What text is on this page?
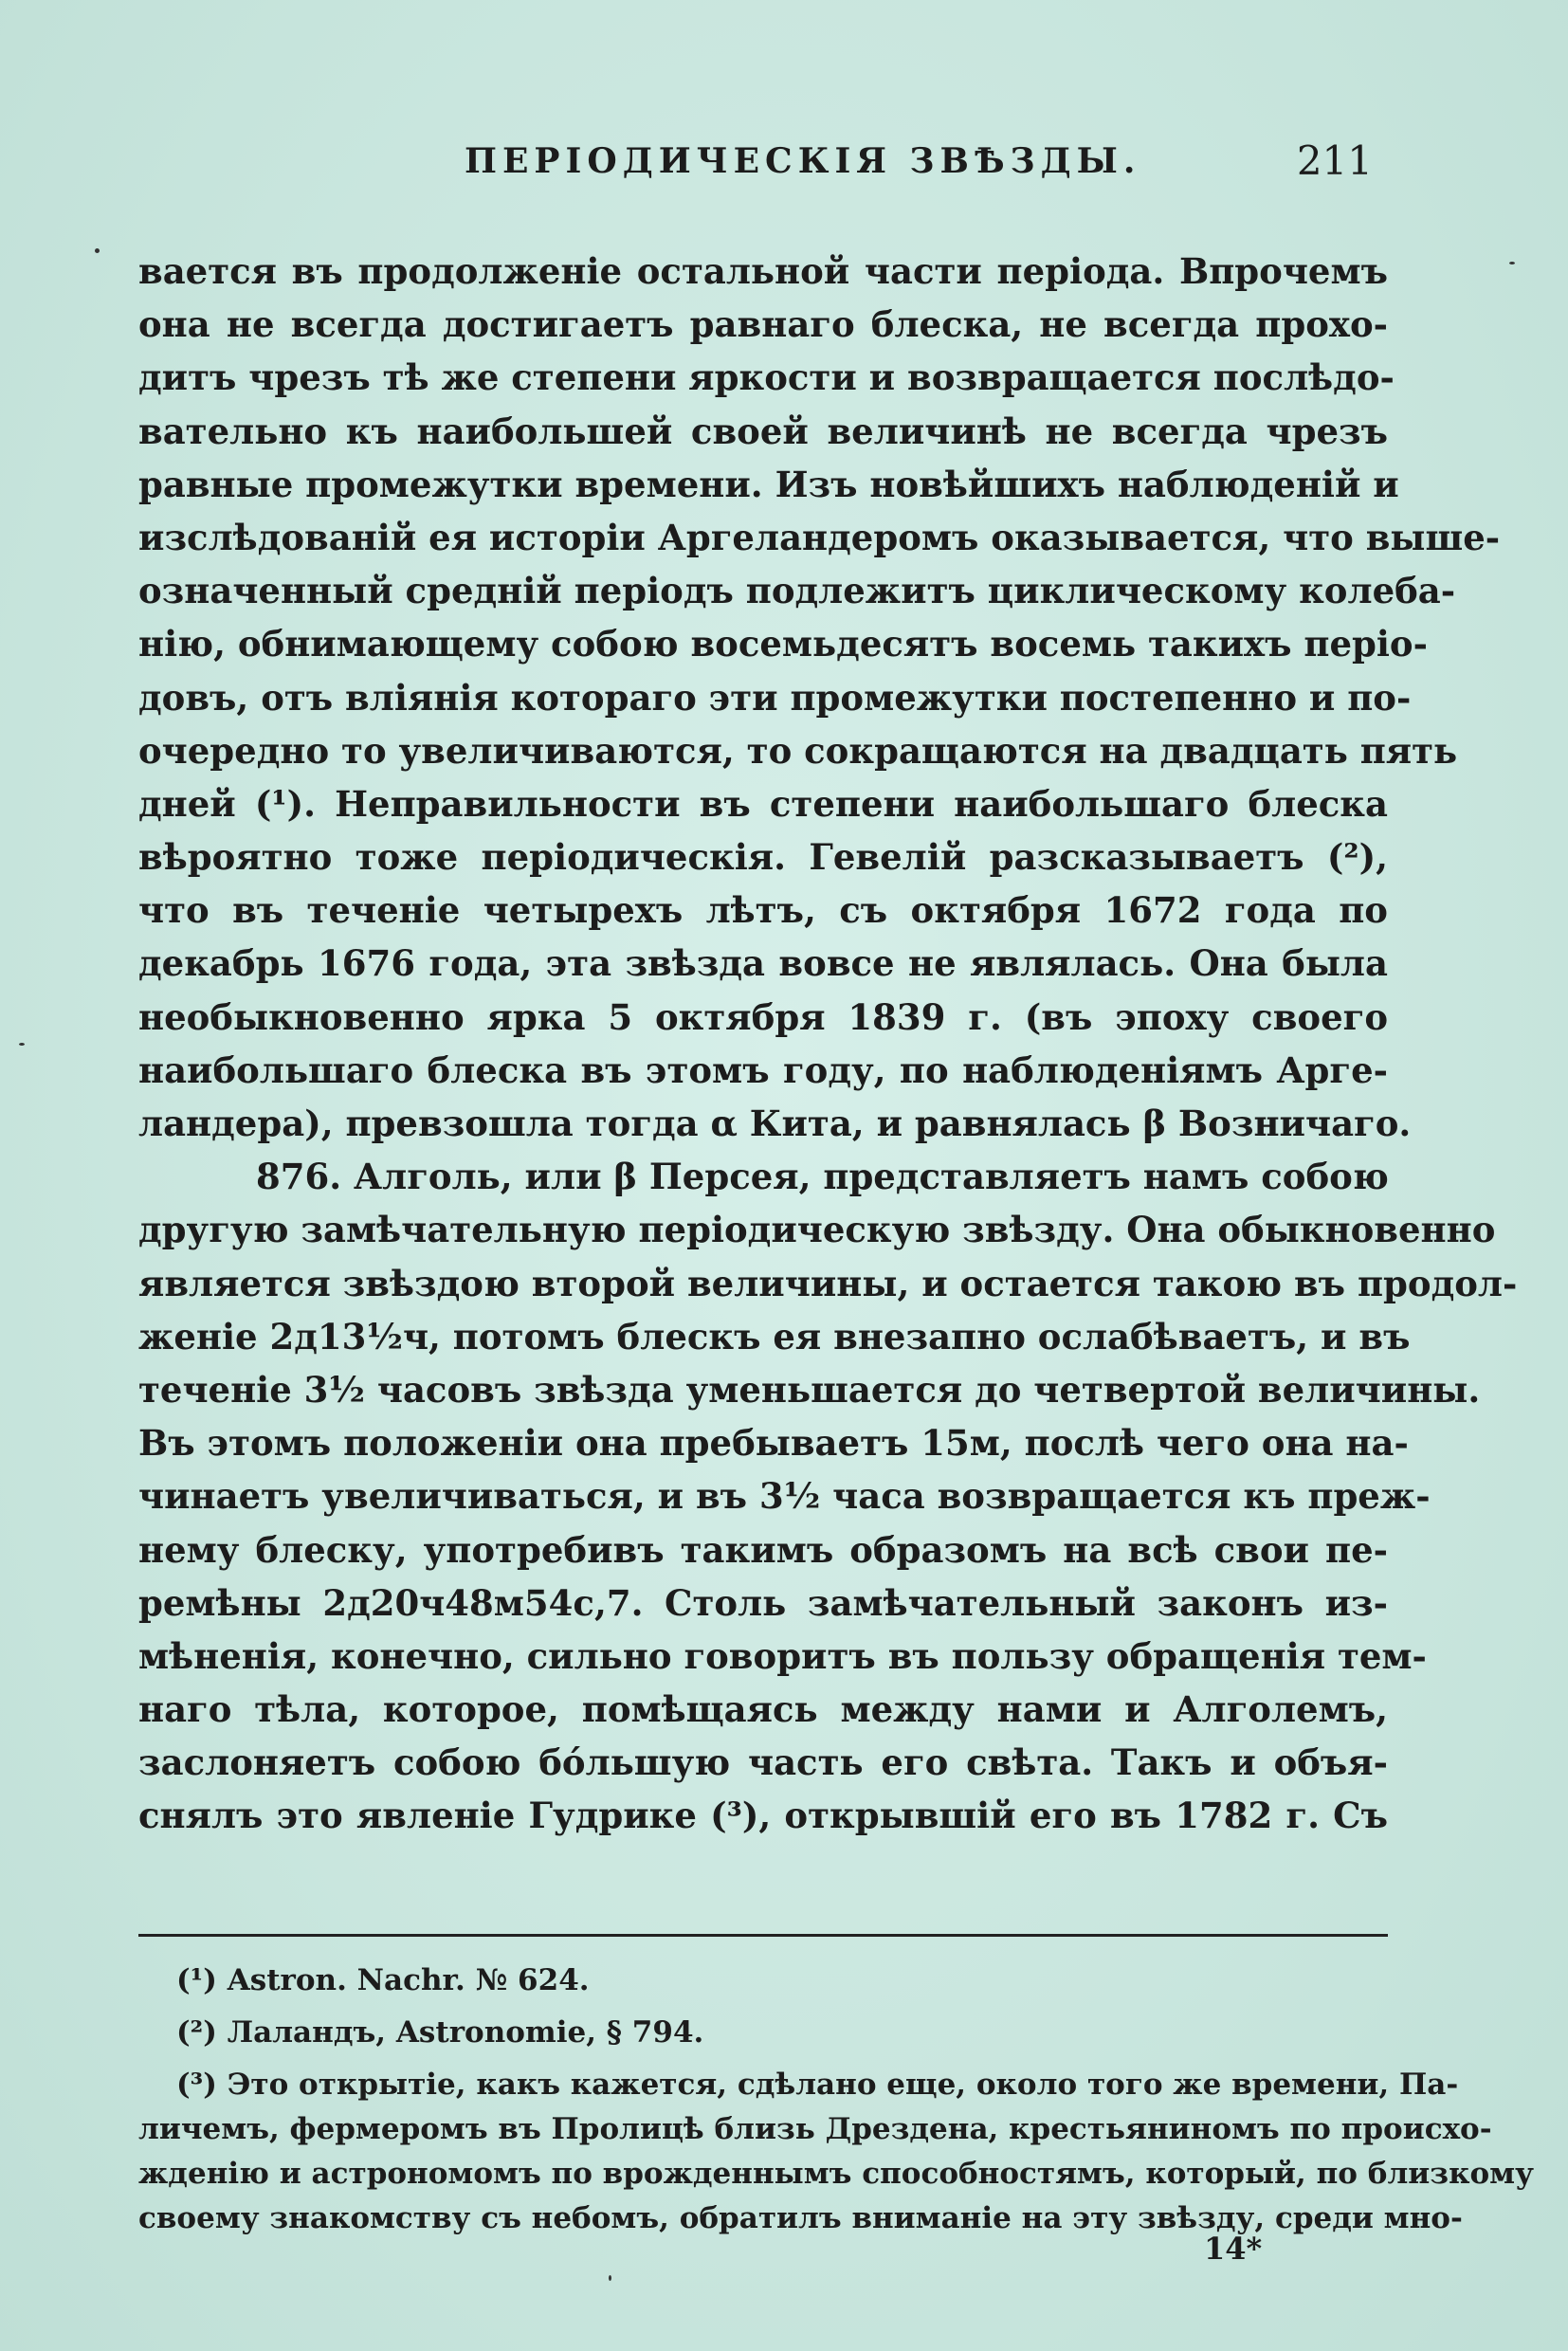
ПЕРІОДИЧЕСКІЯ ЗВѢЗДЫ.	211
вается въ продолженіе остальной части періода. Впрочемъ
она не всегда достигаетъ равнаго блеска, не всегда прохо-
дитъ чрезъ тѣ же степени яркости и возвращается послѣдо-
вательно къ наибольшей своей величинѣ не всегда чрезъ
равные промежутки времени. Изъ новѣйшихъ наблюденій и
изслѣдованій ея исторіи Аргеландеромъ оказывается, что выше-
означенный средній періодъ подлежитъ циклическому колеба-
нію, обнимающему собою восемьдесятъ восемь такихъ періо-
довъ, отъ вліянія котораго эти промежутки постепенно и по-
очередно то увеличиваются, то сокращаются на двадцать пять
дней (¹). Неправильности въ степени наибольшаго блеска
вѣроятно тоже періодическія. Гевелій разсказываетъ (²),
что въ теченіе четырехъ лѣтъ, съ октября 1672 года по
декабрь 1676 года, эта звѣзда вовсе не являлась. Она была
необыкновенно ярка 5 октября 1839 г. (въ эпоху своего
наибольшаго блеска въ этомъ году, по наблюденіямъ Арге-
ландера), превзошла тогда α Кита, и равнялась β Возничаго.
876. Алголь, или β Персея, представляетъ намъ собою
другую замѣчательную періодическую звѣзду. Она обыкновенно
является звѣздою второй величины, и остается такою въ продол-
женіе 2д13½ч, потомъ блескъ ея внезапно ослабѣваетъ, и въ
теченіе 3½ часовъ звѣзда уменьшается до четвертой величины.
Въ этомъ положеніи она пребываетъ 15м, послѣ чего она на-
чинаетъ увеличиваться, и въ 3½ часа возвращается къ преж-
нему блеску, употребивъ такимъ образомъ на всѣ свои пе-
ремѣны 2д20ч48м54с,7. Столь замѣчательный законъ из-
мѣненія, конечно, сильно говоритъ въ пользу обращенія тем-
наго тѣла, которое, помѣщаясь между нами и Алголемъ,
заслоняетъ собою бо́льшую часть его свѣта. Такъ и объя-
снялъ это явленіе Гудрике (³), открывшій его въ 1782 г. Съ
(¹) Astron. Nachr. № 624.
(²) Лаландъ, Astronomie, § 794.
(³) Это открытіе, какъ кажется, сдѣлано еще, около того же времени, Па-
личемъ, фермеромъ въ Пролицѣ близь Дрездена, крестьяниномъ по происхо-
жденію и астрономомъ по врожденнымъ способностямъ, который, по близкому
своему знакомству съ небомъ, обратилъ вниманіе на эту звѣзду, среди мно-
14*
